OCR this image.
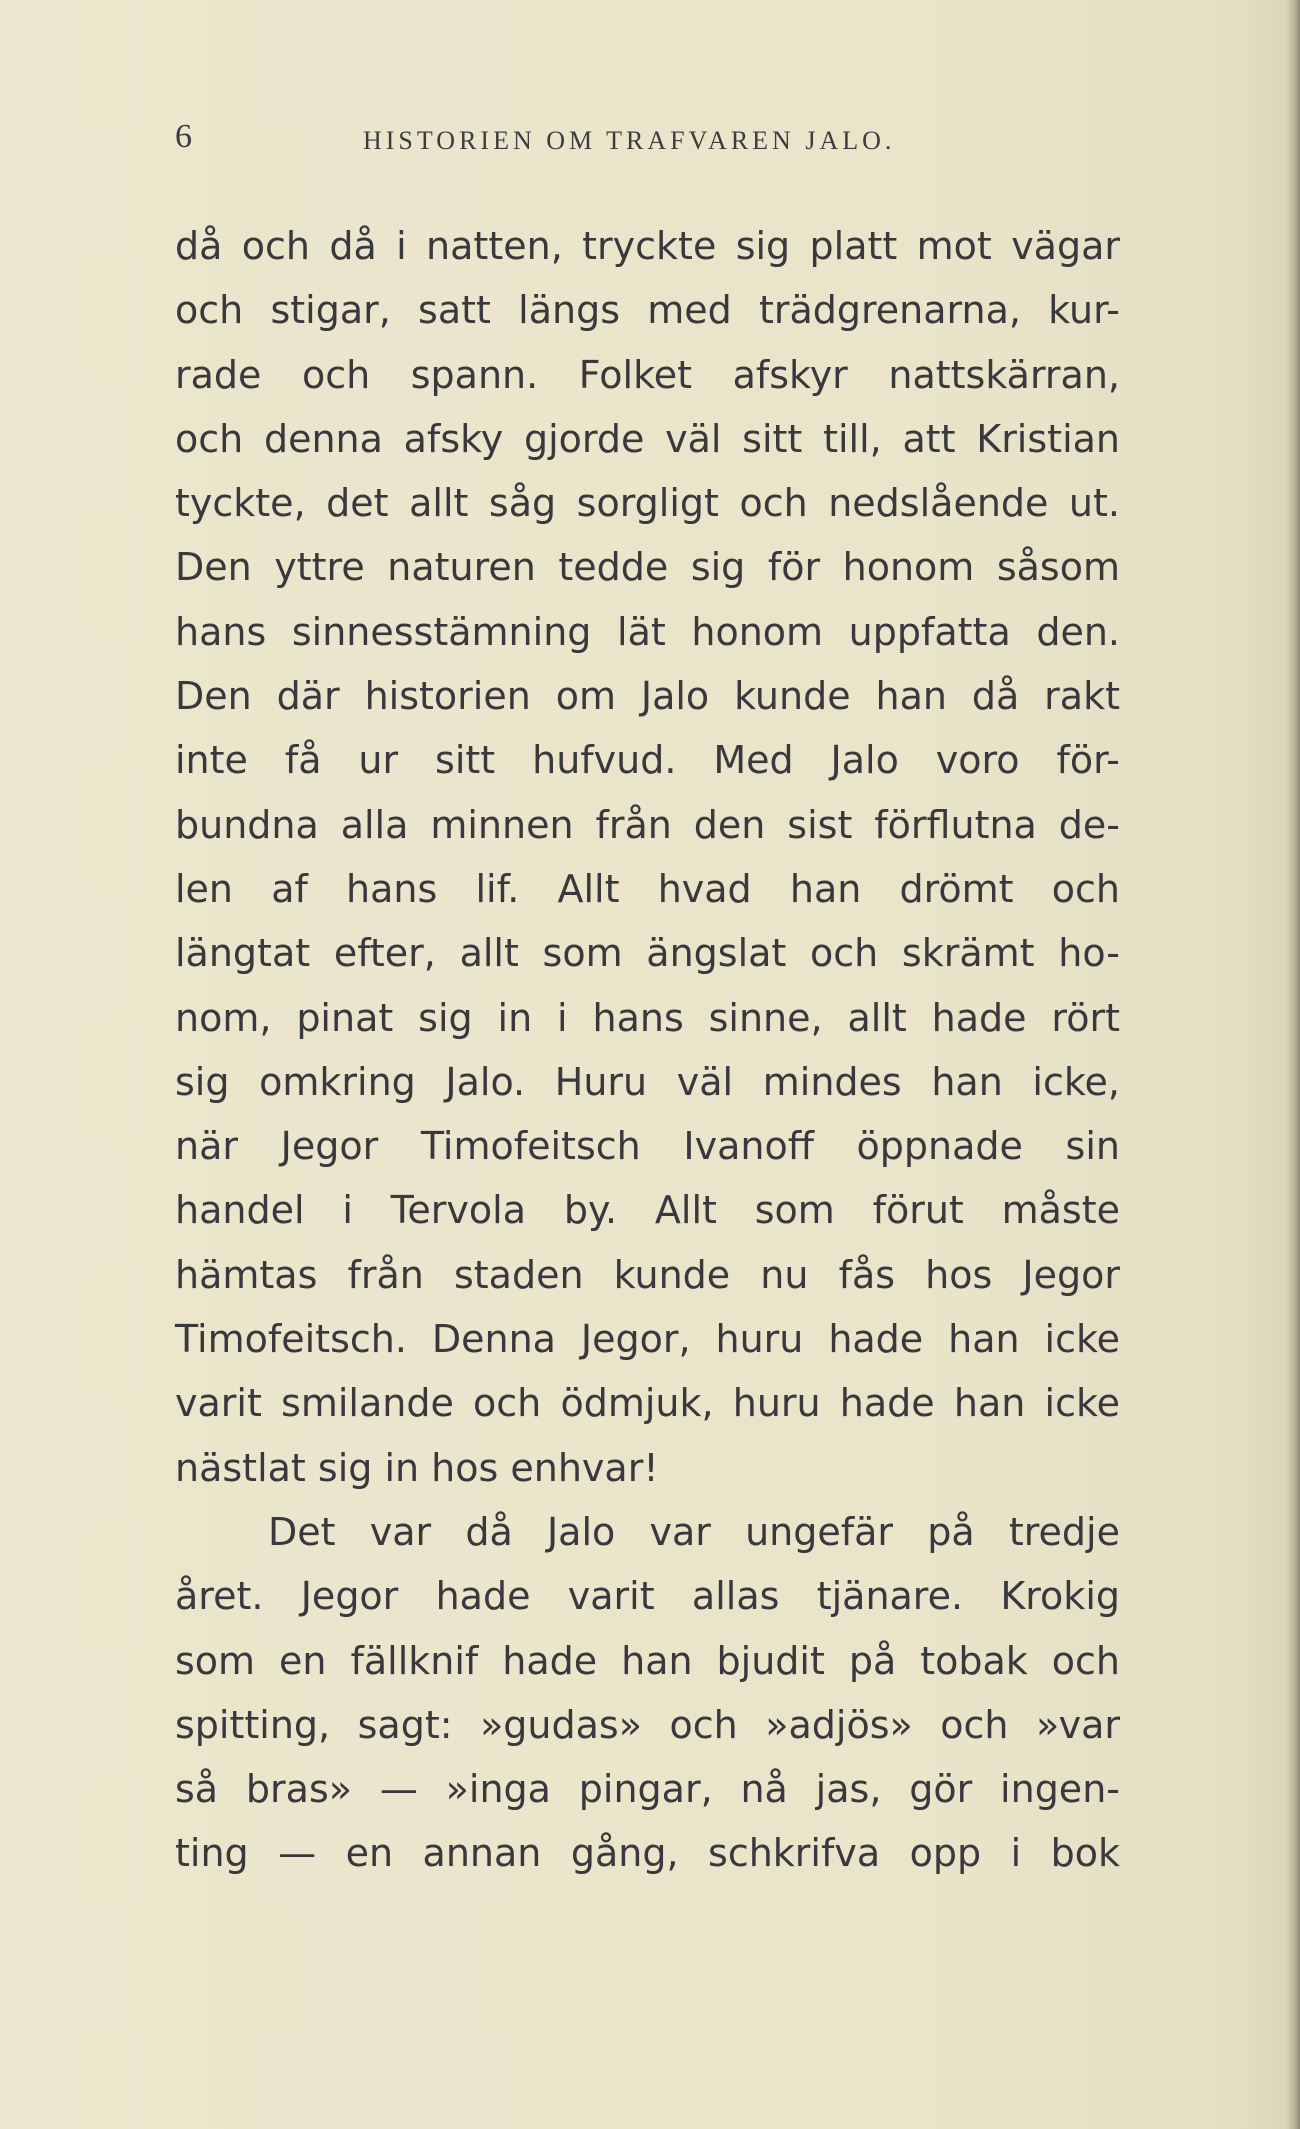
6	HISTORIEN OM TRAFVAREN JALO.
då och då i natten, tryckte sig platt mot vägar
och stigar, satt längs med trädgrenarna, kur-
rade och spann. Folket afskyr nattskärran,
och denna afsky gjorde väl sitt till, att Kristian
tyckte, det allt såg sorgligt och nedslående ut.
Den yttre naturen tedde sig för honom såsom
hans sinnesstämning lät honom uppfatta den.
Den där historien om Jalo kunde han då rakt
inte få ur sitt hufvud. Med Jalo voro för-
bundna alla minnen från den sist förflutna de-
len af hans lif. Allt hvad han drömt och
längtat efter, allt som ängslat och skrämt ho-
nom, pinat sig in i hans sinne, allt hade rört
sig omkring Jalo. Huru väl mindes han icke,
när Jegor Timofeitsch Ivanoff öppnade sin
handel i Tervola by. Allt som förut måste
hämtas från staden kunde nu fås hos Jegor
Timofeitsch. Denna Jegor, huru hade han icke
varit smilande och ödmjuk, huru hade han icke
nästlat sig in hos enhvar!
Det var då Jalo var ungefär på tredje
året. Jegor hade varit allas tjänare. Krokig
som en fällknif hade han bjudit på tobak och
spitting, sagt: »gudas» och »adjös» och »var
så bras» — »inga pingar, nå jas, gör ingen-
ting — en annan gång, schkrifva opp i bok
